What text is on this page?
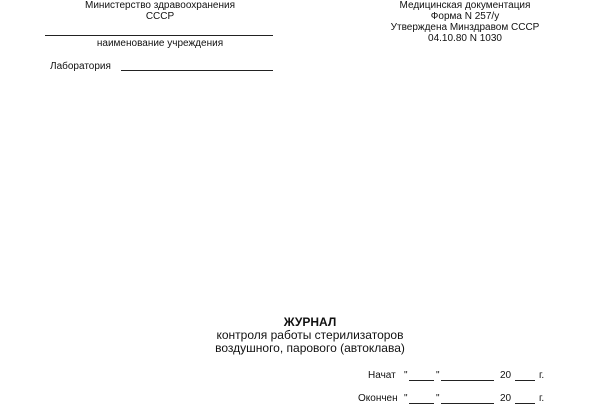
Министерство здравоохранения
СССР
наименование учреждения
Лаборатория
Медицинская документация
Форма N 257/у
Утверждена Минздравом СССР
04.10.80 N 1030
ЖУРНАЛ
контроля работы стерилизаторов
воздушного, парового (автоклава)
Начат "	"	20	г.
Окончен "	"	20	г.
